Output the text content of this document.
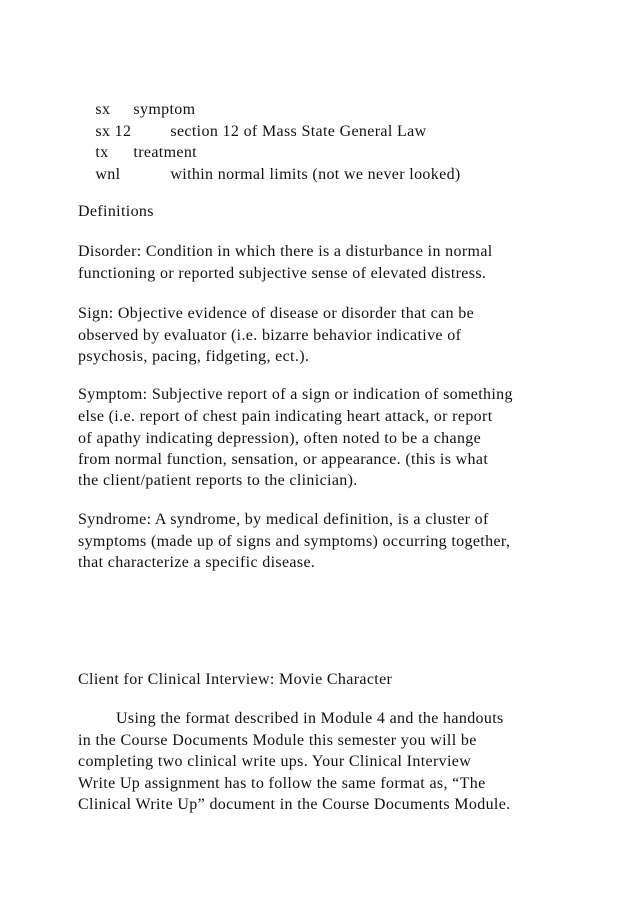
sx symptom

sx 12 section 12 of Mass State General Law

tx treatment

wnl	within normal limits (not we never looked)

Definitions
Disorder: Condition in which there is a disturbance in normal
functioning or reported subjective sense of elevated distress.
Sign: Objective evidence of disease or disorder that can be
observed by evaluator (i.e. bizarre behavior indicative of
psychosis, pacing, fidgeting, ect.).
Symptom: Subjective report of a sign or indication of something
else (i.e. report of chest pain indicating heart attack, or report
of apathy indicating depression), often noted to be a change
from normal function, sensation, or appearance. (this is what
the client/patient reports to the clinician).
Syndrome: A syndrome, by medical definition, is a cluster of
symptoms (made up of signs and symptoms) occurring together,
that characterize a specific disease.
Client for Clinical Interview: Movie Character
Using the format described in Module 4 and the handouts
in the Course Documents Module this semester you will be
completing two clinical write ups. Your Clinical Interview
Write Up assignment has to follow the same format as, “The
Clinical Write Up” document in the Course Documents Module.
